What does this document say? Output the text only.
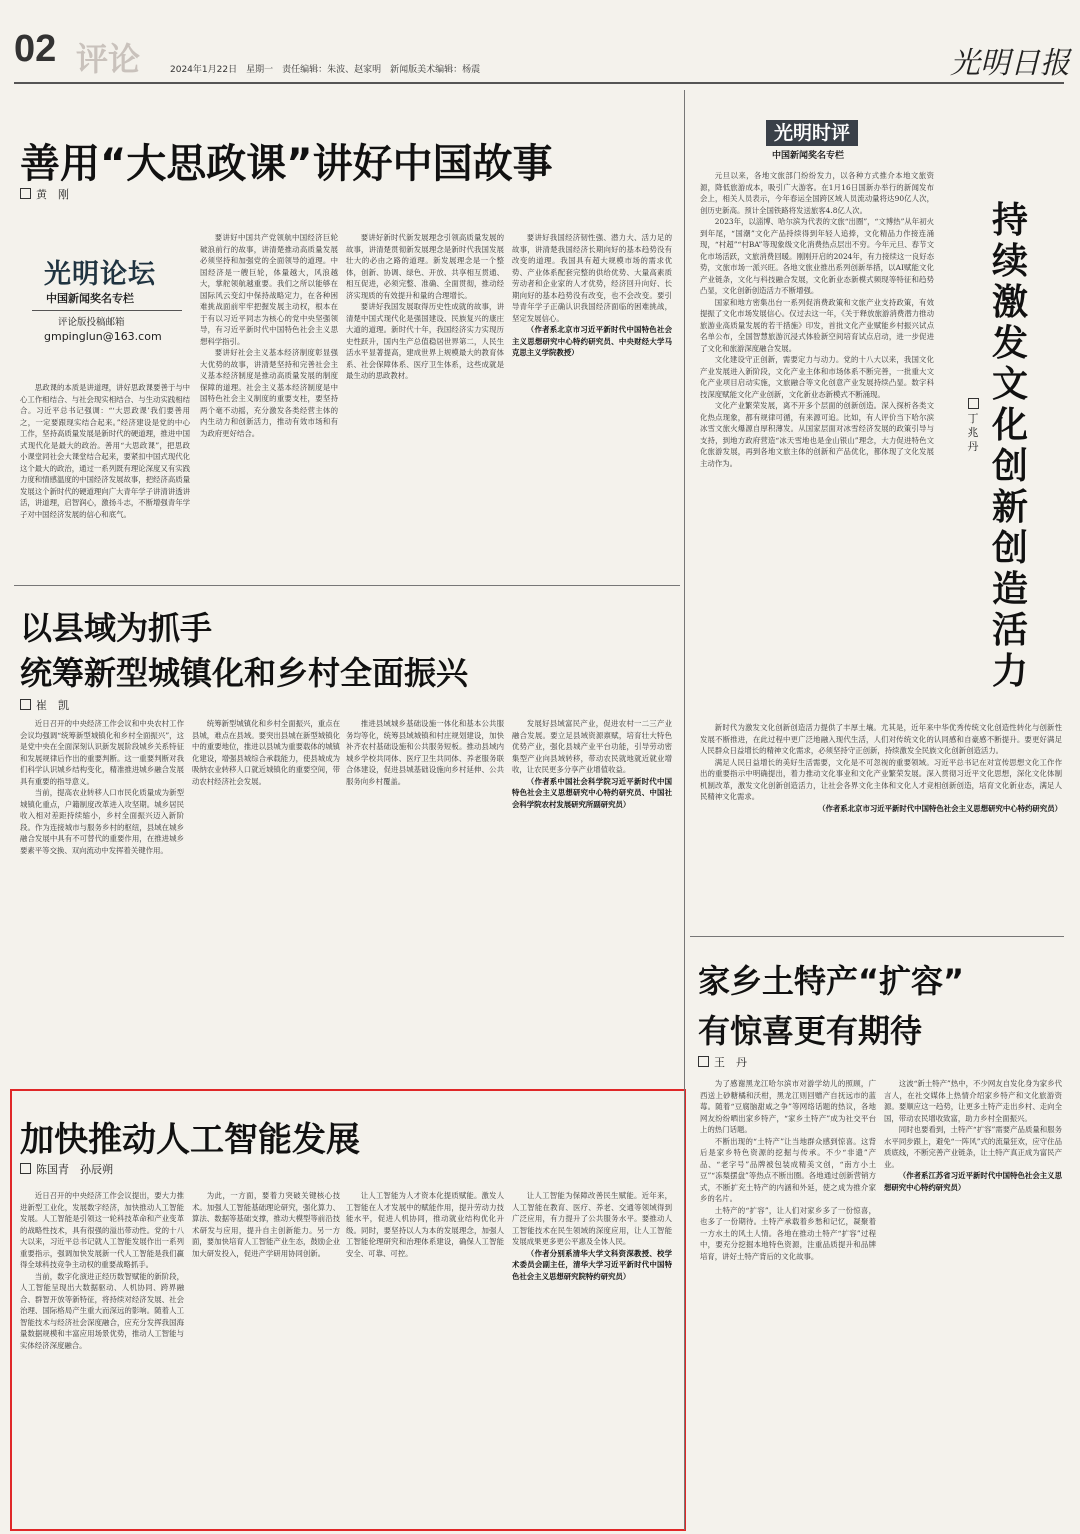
02 评论	2024年1月22日　星期一　责任编辑：朱波、赵家明　新闻版美术编辑：杨震	光明日报
善用“大思政课”讲好中国故事
黄　刚
光明论坛
中国新闻奖名专栏
评论版投稿邮箱
gmpinglun@163.com

思政课的本质是讲道理，讲好思政课要善于与中心工作相结合、与社会现实相结合、与生动实践相结合。习近平总书记强调：“‘大思政课’我们要善用之，一定要跟现实结合起来。”经济建设是党的中心工作，坚持高质量发展是新时代的硬道理，推进中国式现代化是最大的政治。善用“大思政课”，把思政小课堂同社会大课堂结合起来，要紧扣中国式现代化这个最大的政治，通过一系列既有理论深度又有实践力度和情感温度的中国经济发展故事，把经济高质量发展这个新时代的硬道理向广大青年学子讲清讲透讲活，讲道理，启智润心，激扬斗志，不断增强青年学子对中国经济发展的信心和底气。

要讲好中国共产党领航中国经济巨轮破浪前行的故事，讲清楚推动高质量发展必须坚持和加强党的全面领导的道理。中国经济是一艘巨轮，体量越大，风浪越大，掌舵领航越重要。我们之所以能够在国际风云变幻中保持战略定力，在各种困难挑战面前牢牢把握发展主动权，根本在于有以习近平同志为核心的党中央坚强领导，有习近平新时代中国特色社会主义思想科学指引。

要讲好社会主义基本经济制度彰显强大优势的故事，讲清楚坚持和完善社会主义基本经济制度是推动高质量发展的制度保障的道理。社会主义基本经济制度是中国特色社会主义制度的重要支柱，要坚持两个毫不动摇，充分激发各类经营主体的内生动力和创新活力，推动有效市场和有为政府更好结合。

要讲好新时代新发展理念引领高质量发展的故事，讲清楚贯彻新发展理念是新时代我国发展壮大的必由之路的道理。新发展理念是一个整体，创新、协调、绿色、开放、共享相互贯通、相互促进，必须完整、准确、全面贯彻，推动经济实现质的有效提升和量的合理增长。

要讲好我国发展取得历史性成就的故事，讲清楚中国式现代化是强国建设、民族复兴的康庄大道的道理。新时代十年，我国经济实力实现历史性跃升，国内生产总值稳居世界第二，人民生活水平显著提高，建成世界上规模最大的教育体系、社会保障体系、医疗卫生体系，这些成就是最生动的思政教材。

要讲好我国经济韧性强、潜力大、活力足的故事，讲清楚我国经济长期向好的基本趋势没有改变的道理。我国具有超大规模市场的需求优势、产业体系配套完整的供给优势、大量高素质劳动者和企业家的人才优势，经济回升向好、长期向好的基本趋势没有改变，也不会改变。要引导青年学子正确认识我国经济面临的困难挑战，坚定发展信心。

（作者系北京市习近平新时代中国特色社会主义思想研究中心特约研究员、中央财经大学马克思主义学院教授）

以县域为抓手
统筹新型城镇化和乡村全面振兴
崔　凯

近日召开的中央经济工作会议和中央农村工作会议均强调“统筹新型城镇化和乡村全面振兴”，这是党中央在全面深刻认识新发展阶段城乡关系特征和发展规律后作出的重要判断。这一重要判断对我们科学认识城乡结构变化，精准推进城乡融合发展具有重要的指导意义。

当前，提高农业转移人口市民化质量成为新型城镇化重点，户籍制度改革进入攻坚期。城乡居民收入相对差距持续缩小，乡村全面振兴迈入新阶段。作为连接城市与服务乡村的枢纽，县域在城乡融合发展中具有不可替代的重要作用，在推进城乡要素平等交换、双向流动中发挥着关键作用。

统筹新型城镇化和乡村全面振兴，重点在县城，难点在县域。要突出县城在新型城镇化中的重要地位，推进以县城为重要载体的城镇化建设，增强县城综合承载能力，使县城成为吸纳农业转移人口就近城镇化的重要空间，带动农村经济社会发展。

推进县域城乡基础设施一体化和基本公共服务均等化，统筹县域城镇和村庄规划建设，加快补齐农村基础设施和公共服务短板。推动县域内城乡学校共同体、医疗卫生共同体、养老服务联合体建设，促进县城基础设施向乡村延伸、公共服务向乡村覆盖。

发展好县域富民产业，促进农村一二三产业融合发展。要立足县域资源禀赋，培育壮大特色优势产业，强化县城产业平台功能，引导劳动密集型产业向县域转移，带动农民就地就近就业增收，让农民更多分享产业增值收益。

（作者系中国社会科学院习近平新时代中国特色社会主义思想研究中心特约研究员、中国社会科学院农村发展研究所副研究员）

加快推动人工智能发展
陈国青　孙辰朔

近日召开的中央经济工作会议提出，要大力推进新型工业化，发展数字经济，加快推动人工智能发展。人工智能是引领这一轮科技革命和产业变革的战略性技术，具有很强的溢出带动性。党的十八大以来，习近平总书记就人工智能发展作出一系列重要指示，强调加快发展新一代人工智能是我们赢得全球科技竞争主动权的重要战略抓手。

当前，数字化演进正经历数智赋能的新阶段，人工智能呈现出大数据驱动、人机协同、跨界融合、群智开放等新特征，将持续对经济发展、社会治理、国际格局产生重大而深远的影响。随着人工智能技术与经济社会深度融合，应充分发挥我国海量数据规模和丰富应用场景优势，推动人工智能与实体经济深度融合。

为此，一方面，要着力突破关键核心技术。加强人工智能基础理论研究，强化算力、算法、数据等基础支撑，推动大模型等前沿技术研发与应用，提升自主创新能力。另一方面，要加快培育人工智能产业生态，鼓励企业加大研发投入，促进产学研用协同创新。

让人工智能为人才资本化提质赋能。激发人工智能在人才发展中的赋能作用，提升劳动力技能水平，促进人机协同，推动就业结构优化升级。同时，要坚持以人为本的发展理念，加强人工智能伦理研究和治理体系建设，确保人工智能安全、可靠、可控。

让人工智能为保障改善民生赋能。近年来，人工智能在教育、医疗、养老、交通等领域得到广泛应用，有力提升了公共服务水平。要推动人工智能技术在民生领域的深度应用，让人工智能发展成果更多更公平惠及全体人民。

（作者分别系清华大学文科资深教授、校学术委员会副主任，清华大学习近平新时代中国特色社会主义思想研究院特约研究员）

光明时评
中国新闻奖名专栏

元旦以来，各地文旅部门纷纷发力，以各种方式推介本地文旅资源，降低旅游成本，吸引广大游客。在1月16日国新办举行的新闻发布会上，相关人员表示，今年春运全国跨区域人员流动量将达90亿人次，创历史新高。预计全国铁路将发送旅客4.8亿人次。

2023年，以淄博、哈尔滨为代表的文旅“出圈”，“文博热”从年初火到年尾，“国潮”文化产品持续得到年轻人追捧，文化精品力作接连涌现，“村超”“村BA”等现象级文化消费热点层出不穷。今年元旦、春节文化市场活跃，文旅消费回暖。刚刚开启的2024年，有力接续这一良好态势，文旅市场一派兴旺。各地文旅业推出系列创新举措，以AI赋能文化产业链条，文化与科技融合发展，文化新业态新模式频现等特征和趋势凸显，文化创新创造活力不断增强。

国家和地方密集出台一系列促消费政策和文旅产业支持政策，有效提振了文化市场发展信心。仅过去这一年，《关于释放旅游消费潜力推动旅游业高质量发展的若干措施》印发，首批文化产业赋能乡村振兴试点名单公布，全国智慧旅游沉浸式体验新空间培育试点启动，进一步促进了文化和旅游深度融合发展。

文化建设守正创新，需要定力与动力。党的十八大以来，我国文化产业发展进入新阶段，文化产业主体和市场体系不断完善，一批重大文化产业项目启动实施，文旅融合等文化创意产业发展持续凸显。数字科技深度赋能文化产业创新，文化新业态新模式不断涌现。

文化产业繁荣发展，离不开多个层面的创新创造。深入探析各类文化热点现象，都有规律可循，有来源可追。比如，有人评价当下哈尔滨冰雪文旅火爆源自厚积薄发。从国家层面对冰雪经济发展的政策引导与支持，到地方政府营造“冰天雪地也是金山银山”理念，大力促进特色文化旅游发展，再到各地文旅主体的创新和产品优化，都体现了文化发展主动作为。

持续激发文化创新创造活力
丁兆丹

新时代为激发文化创新创造活力提供了丰厚土壤。尤其是，近年来中华优秀传统文化创造性转化与创新性发展不断推进，在此过程中更广泛地融入现代生活，人们对传统文化的认同感和自豪感不断提升。要更好满足人民群众日益增长的精神文化需求，必须坚持守正创新，持续激发全民族文化创新创造活力。

满足人民日益增长的美好生活需要，文化是不可忽视的重要领域。习近平总书记在对宣传思想文化工作作出的重要指示中明确提出，着力推动文化事业和文化产业繁荣发展。深入贯彻习近平文化思想，深化文化体制机制改革，激发文化创新创造活力，让社会各界文化主体和文化人才竞相创新创造，培育文化新业态，满足人民精神文化需求。

（作者系北京市习近平新时代中国特色社会主义思想研究中心特约研究员）

家乡土特产“扩容”
有惊喜更有期待
王　丹

为了感谢黑龙江哈尔滨市对游学幼儿的照顾，广西送上砂糖橘和沃柑，黑龙江则回赠产自抚远市的蓝莓。随着“豆腐脑甜咸之争”等网络话题的热议，各地网友纷纷晒出家乡特产，“家乡土特产”成为社交平台上的热门话题。

不断出现的“土特产”让当地群众感到惊喜。这背后是家乡特色资源的挖掘与传承。不少“非遗”产品、“老字号”品牌被包装成精美文创，“南方小土豆”“冻梨摆盘”等热点不断出圈。各地通过创新营销方式，不断扩充土特产的内涵和外延，使之成为推介家乡的名片。

土特产的“扩容”，让人们对家乡多了一份惊喜，也多了一份期待。土特产承载着乡愁和记忆，凝聚着一方水土的风土人情。各地在推动土特产“扩容”过程中，要充分挖掘本地特色资源，注重品质提升和品牌培育，讲好土特产背后的文化故事。

这波“新土特产”热中，不少网友自发化身为家乡代言人，在社交媒体上热情介绍家乡特产和文化旅游资源。要顺应这一趋势，让更多土特产走出乡村、走向全国，带动农民增收致富，助力乡村全面振兴。

同时也要看到，土特产“扩容”需要产品质量和服务水平同步跟上，避免“一阵风”式的流量狂欢，应守住品质底线，不断完善产业链条，让土特产真正成为富民产业。

（作者系江苏省习近平新时代中国特色社会主义思想研究中心特约研究员）
